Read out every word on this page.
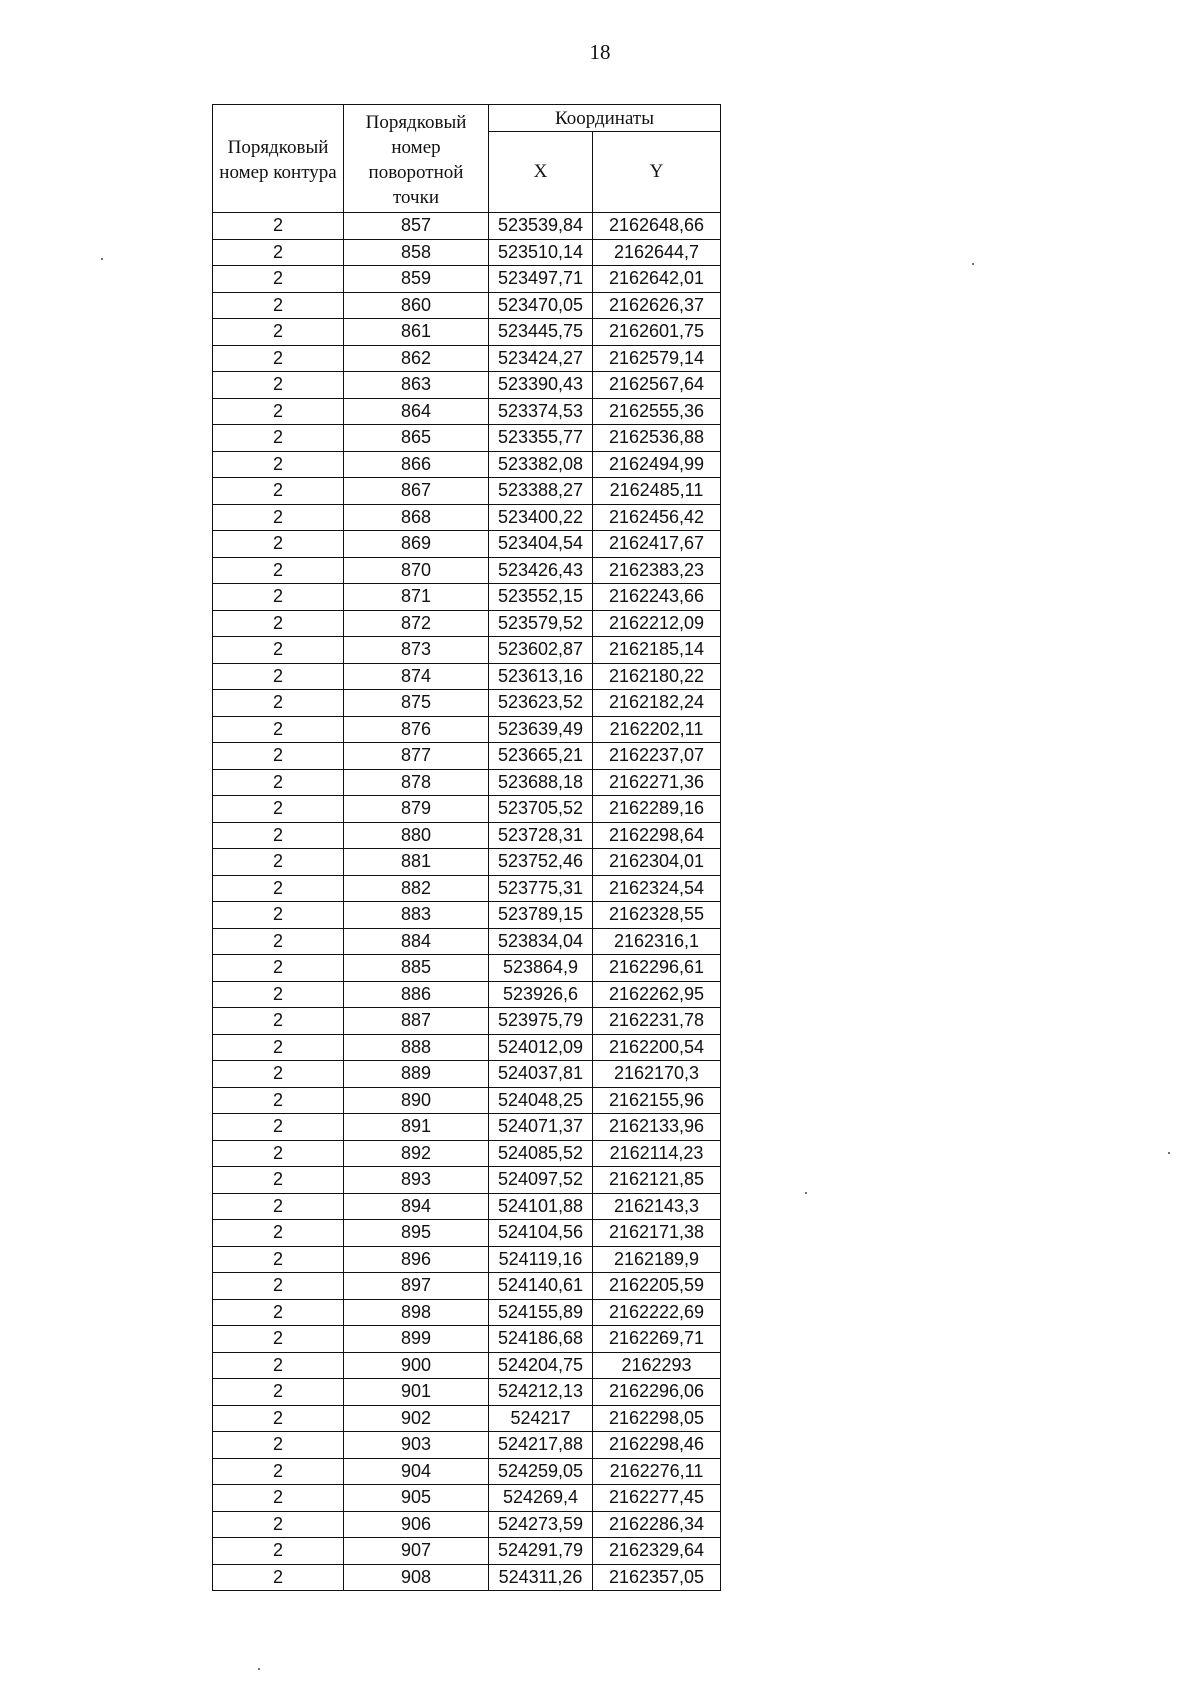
18
Порядковый номер контура	Порядковый номер поворотной точки	Координаты	
		X	Y
2	857	523539,84	2162648,66
2	858	523510,14	2162644,7
2	859	523497,71	2162642,01
2	860	523470,05	2162626,37
2	861	523445,75	2162601,75
2	862	523424,27	2162579,14
2	863	523390,43	2162567,64
2	864	523374,53	2162555,36
2	865	523355,77	2162536,88
2	866	523382,08	2162494,99
2	867	523388,27	2162485,11
2	868	523400,22	2162456,42
2	869	523404,54	2162417,67
2	870	523426,43	2162383,23
2	871	523552,15	2162243,66
2	872	523579,52	2162212,09
2	873	523602,87	2162185,14
2	874	523613,16	2162180,22
2	875	523623,52	2162182,24
2	876	523639,49	2162202,11
2	877	523665,21	2162237,07
2	878	523688,18	2162271,36
2	879	523705,52	2162289,16
2	880	523728,31	2162298,64
2	881	523752,46	2162304,01
2	882	523775,31	2162324,54
2	883	523789,15	2162328,55
2	884	523834,04	2162316,1
2	885	523864,9	2162296,61
2	886	523926,6	2162262,95
2	887	523975,79	2162231,78
2	888	524012,09	2162200,54
2	889	524037,81	2162170,3
2	890	524048,25	2162155,96
2	891	524071,37	2162133,96
2	892	524085,52	2162114,23
2	893	524097,52	2162121,85
2	894	524101,88	2162143,3
2	895	524104,56	2162171,38
2	896	524119,16	2162189,9
2	897	524140,61	2162205,59
2	898	524155,89	2162222,69
2	899	524186,68	2162269,71
2	900	524204,75	2162293
2	901	524212,13	2162296,06
2	902	524217	2162298,05
2	903	524217,88	2162298,46
2	904	524259,05	2162276,11
2	905	524269,4	2162277,45
2	906	524273,59	2162286,34
2	907	524291,79	2162329,64
2	908	524311,26	2162357,05
